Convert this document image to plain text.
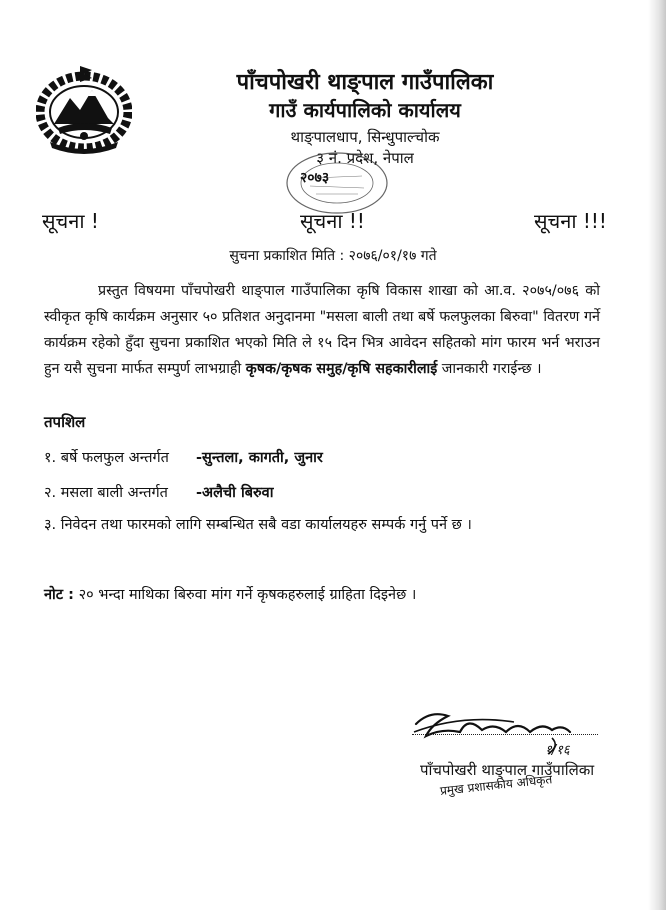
पाँचपोखरी थाङ्पाल गाउँपालिका
गाउँ कार्यपालिको कार्यालय
थाङ्पालधाप, सिन्धुपाल्चोक
३ नं. प्रदेश, नेपाल
२०७३
सूचना !	सूचना !!	सूचना !!!
सुचना प्रकाशित मिति : २०७६/०१/१७ गते
प्रस्तुत विषयमा पाँचपोखरी थाङ्पाल गाउँपालिका कृषि विकास शाखा को आ.व. २०७५/०७६ को स्वीकृत कृषि कार्यक्रम अनुसार ५० प्रतिशत अनुदानमा "मसला बाली तथा बर्षे फलफुलका बिरुवा" वितरण गर्ने कार्यक्रम रहेको हुँदा सुचना प्रकाशित भएको मिति ले १५ दिन भित्र आवेदन सहितको मांग फारम भर्न भराउन हुन यसै सुचना मार्फत सम्पुर्ण लाभग्राही कृषक/कृषक समुह/कृषि सहकारीलाई जानकारी गराईन्छ ।
तपशिल
१. बर्षे फलफुल अन्तर्गत -सुन्तला, कागती, जुनार
२. मसला बाली अन्तर्गत -अलैची बिरुवा
३. निवेदन तथा फारमको लागि सम्बन्धित सबै वडा कार्यालयहरु सम्पर्क गर्नु पर्ने छ ।
नोट : २० भन्दा माथिका बिरुवा मांग गर्ने कृषकहरुलाई ग्राहिता दिइनेछ ।
१/१६
पाँचपोखरी थाङ्पाल गाउँपालिका
प्रमुख प्रशासकीय अधिकृत
